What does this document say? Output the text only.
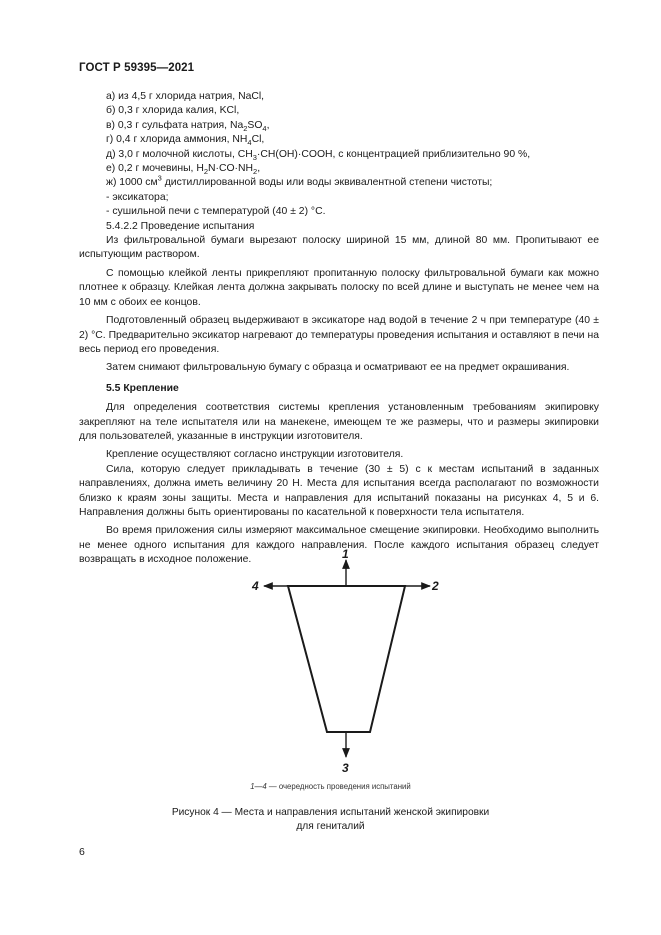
ГОСТ Р 59395—2021

а) из 4,5 г хлорида натрия, NaCl,

б) 0,3 г хлорида калия, KCl,

в) 0,3 г сульфата натрия, $Na_2SO_4$,

г) 0,4 г хлорида аммония, $NH_4Cl$,

д) 3,0 г молочной кислоты, $CH_3\cdot CH(OH)\cdot COOH$, с концентрацией приблизительно 90 %,

е) 0,2 г мочевины, $H_2N\cdot CO\cdot NH_2$,

ж) 1000 $см^3$ дистиллированной воды или воды эквивалентной степени чистоты;

- эксикатора;

- сушильной печи с температурой (40 ± 2) °С.

5.4.2.2 Проведение испытания

Из фильтровальной бумаги вырезают полоску шириной 15 мм, длиной 80 мм. Пропитывают ее испытующим раствором.

С помощью клейкой ленты прикрепляют пропитанную полоску фильтровальной бумаги как можно плотнее к образцу. Клейкая лента должна закрывать полоску по всей длине и выступать не менее чем на 10 мм с обоих ее концов.

Подготовленный образец выдерживают в эксикаторе над водой в течение 2 ч при температуре (40 ± 2) °С. Предварительно эксикатор нагревают до температуры проведения испытания и оставляют в печи на весь период его проведения.

Затем снимают фильтровальную бумагу с образца и осматривают ее на предмет окрашивания.

5.5 Крепление

Для определения соответствия системы крепления установленным требованиям экипировку закрепляют на теле испытателя или на манекене, имеющем те же размеры, что и размеры экипировки для пользователей, указанные в инструкции изготовителя.

Крепление осуществляют согласно инструкции изготовителя.

Сила, которую следует прикладывать в течение (30 ± 5) с к местам испытаний в заданных направлениях, должна иметь величину 20 Н. Места для испытания всегда располагают по возможности близко к краям зоны защиты. Места и направления для испытаний показаны на рисунках 4, 5 и 6. Направления должны быть ориентированы по касательной к поверхности тела испытателя.

Во время приложения силы измеряют максимальное смещение экипировки. Необходимо выполнить не менее одного испытания для каждого направления. После каждого испытания образец следует возвращать в исходное положение.	1
2
4
3
1—4 — очередность проведения испытаний
Рисунок 4 — Места и направления испытаний женской экипировки
для гениталий
6
